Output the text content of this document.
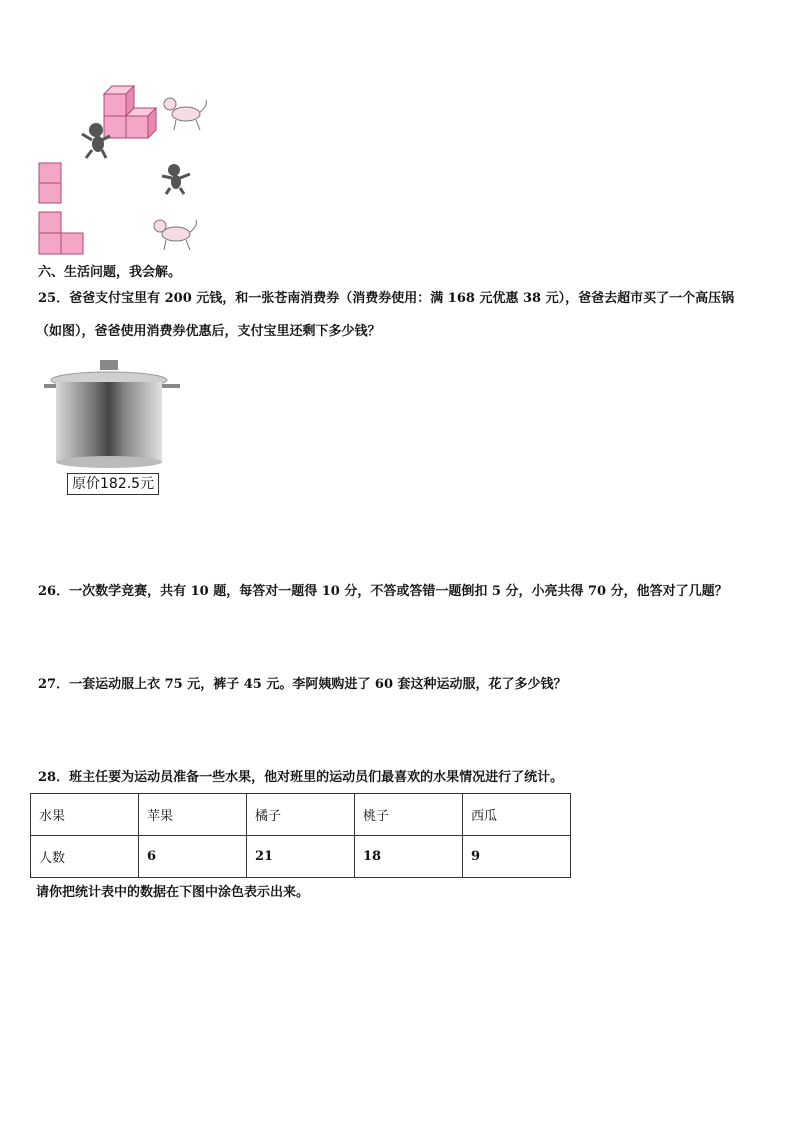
六、生活问题，我会解。
25．爸爸支付宝里有 200 元钱，和一张苍南消费券（消费券使用：满 168 元优惠 38 元），爸爸去超市买了一个高压锅
（如图），爸爸使用消费券优惠后，支付宝里还剩下多少钱？
原价182.5元
26．一次数学竞赛，共有 10 题，每答对一题得 10 分，不答或答错一题倒扣 5 分，小亮共得 70 分，他答对了几题？
27．一套运动服上衣 75 元，裤子 45 元。李阿姨购进了 60 套这种运动服，花了多少钱？
28．班主任要为运动员准备一些水果，他对班里的运动员们最喜欢的水果情况进行了统计。
水果	苹果	橘子	桃子	西瓜
人数	6	21	18	9
请你把统计表中的数据在下图中涂色表示出来。
